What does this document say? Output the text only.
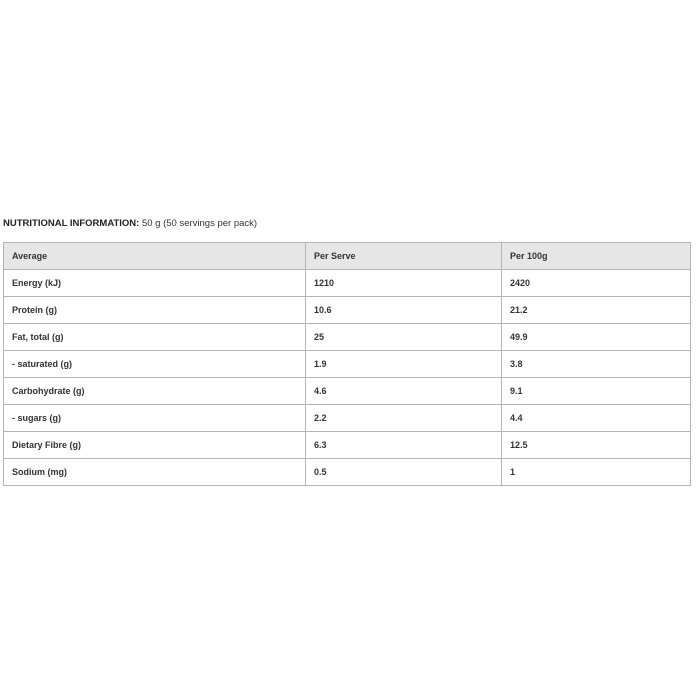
NUTRITIONAL INFORMATION: 50 g (50 servings per pack)
Average	Per Serve	Per 100g
Energy (kJ)	1210	2420
Protein (g)	10.6	21.2
Fat, total (g)	25	49.9
- saturated (g)	1.9	3.8
Carbohydrate (g)	4.6	9.1
- sugars (g)	2.2	4.4
Dietary Fibre (g)	6.3	12.5
Sodium (mg)	0.5	1
